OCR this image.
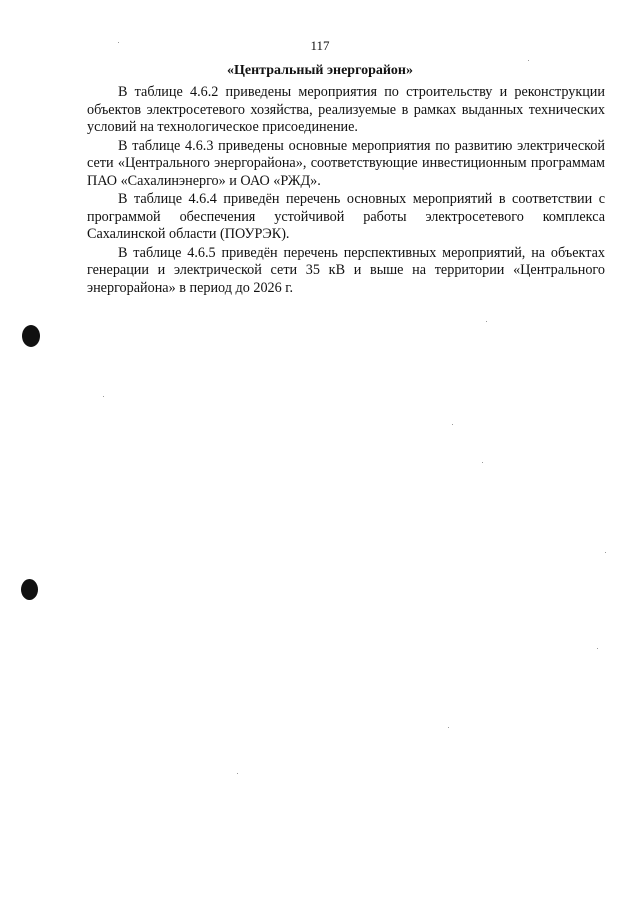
117
«Центральный энергорайон»

В таблице 4.6.2 приведены мероприятия по строительству и реконструкции объектов электросетевого хозяйства, реализуемые в рамках выданных технических условий на технологическое присоединение.

В таблице 4.6.3 приведены основные мероприятия по развитию электрической сети «Центрального энергорайона», соответствующие инвестиционным программам ПАО «Сахалинэнерго» и ОАО «РЖД».

В таблице 4.6.4 приведён перечень основных мероприятий в соответствии с программой обеспечения устойчивой работы электросетевого комплекса Сахалинской области (ПОУРЭК).

В таблице 4.6.5 приведён перечень перспективных мероприятий, на объектах генерации и электрической сети 35 кВ и выше на территории «Центрального энергорайона» в период до 2026 г.
